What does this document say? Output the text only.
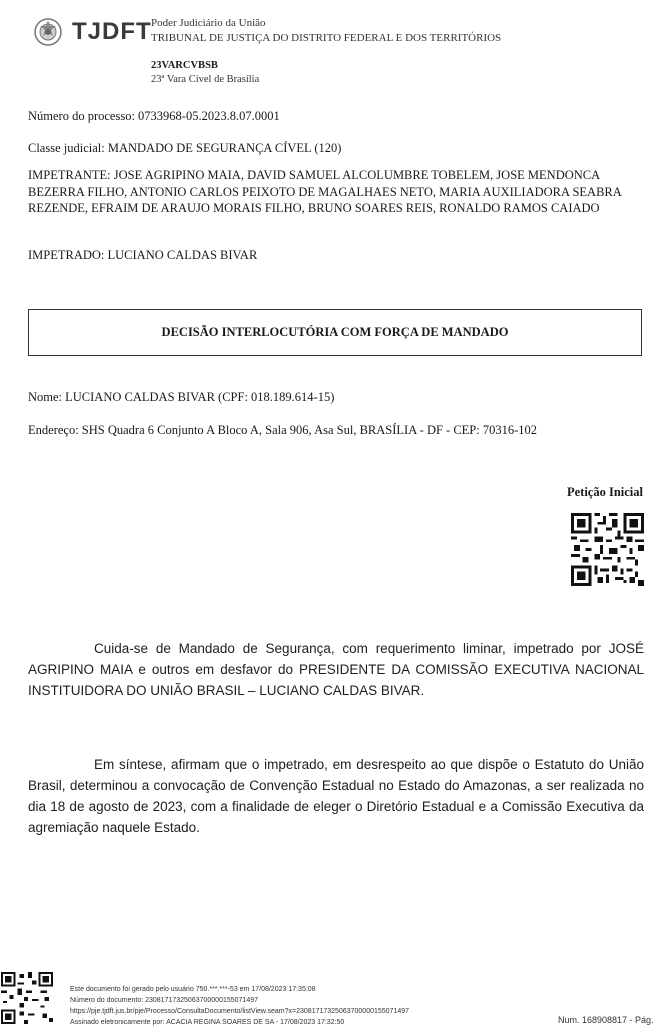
TJDFT Poder Judiciário da União
TRIBUNAL DE JUSTIÇA DO DISTRITO FEDERAL E DOS TERRITÓRIOS
23VARCVBSB
23ª Vara Cível de Brasília
Número do processo: 0733968-05.2023.8.07.0001
Classe judicial: MANDADO DE SEGURANÇA CÍVEL (120)
IMPETRANTE: JOSE AGRIPINO MAIA, DAVID SAMUEL ALCOLUMBRE TOBELEM, JOSE MENDONCA BEZERRA FILHO, ANTONIO CARLOS PEIXOTO DE MAGALHAES NETO, MARIA AUXILIADORA SEABRA REZENDE, EFRAIM DE ARAUJO MORAIS FILHO, BRUNO SOARES REIS, RONALDO RAMOS CAIADO
IMPETRADO: LUCIANO CALDAS BIVAR
DECISÃO INTERLOCUTÓRIA COM FORÇA DE MANDADO
Nome: LUCIANO CALDAS BIVAR (CPF: 018.189.614-15)
Endereço: SHS Quadra 6 Conjunto A Bloco A, Sala 906, Asa Sul, BRASÍLIA - DF - CEP: 70316-102
Petição Inicial
Cuida-se de Mandado de Segurança, com requerimento liminar, impetrado por JOSÉ AGRIPINO MAIA e outros em desfavor do PRESIDENTE DA COMISSÃO EXECUTIVA NACIONAL INSTITUIDORA DO UNIÃO BRASIL – LUCIANO CALDAS BIVAR.
Em síntese, afirmam que o impetrado, em desrespeito ao que dispõe o Estatuto do União Brasil, determinou a convocação de Convenção Estadual no Estado do Amazonas, a ser realizada no dia 18 de agosto de 2023, com a finalidade de eleger o Diretório Estadual e a Comissão Executiva da agremiação naquele Estado.
Este documento foi gerado pelo usuário 750.***.***-53 em 17/08/2023 17:35:08
Número do documento: 23081717325063700000155071497
https://pje.tjdft.jus.br/pje/Processo/ConsultaDocumento/listView.seam?x=23081717325063700000155071497
Assinado eletronicamente por: ACACIA REGINA SOARES DE SA - 17/08/2023 17:32:50	Num. 168908817 - Pág.
